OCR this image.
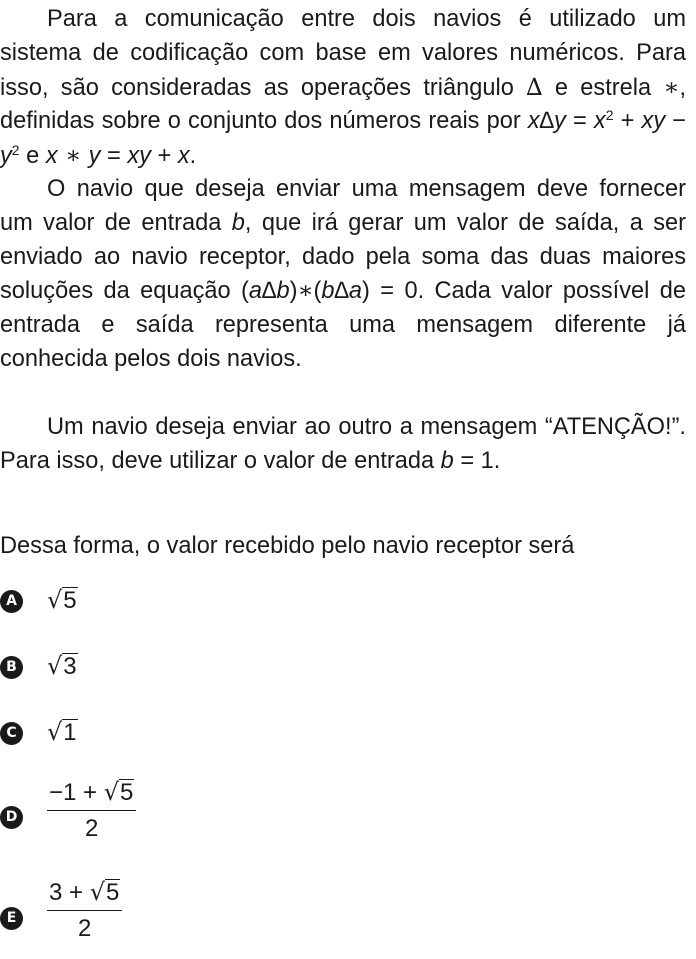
Para a comunicação entre dois navios é utilizado um sistema de codificação com base em valores numéricos. Para isso, são consideradas as operações triângulo ∆ e estrela ∗, definidas sobre o conjunto dos números reais por $x\Delta y = x^2$ + xy − $y^2$ e x ∗ y = xy + x.

O navio que deseja enviar uma mensagem deve fornecer um valor de entrada b, que irá gerar um valor de saída, a ser enviado ao navio receptor, dado pela soma das duas maiores soluções da equação (a∆b)∗(b∆a) = 0. Cada valor possível de entrada e saída representa uma mensagem diferente já conhecida pelos dois navios.

Um navio deseja enviar ao outro a mensagem “ATENÇÃO!”. Para isso, deve utilizar o valor de entrada b = 1.

Dessa forma, o valor recebido pelo navio receptor será

A √5
B √3
C √1
D
−1 + √5
2
E
3 + √5
2
